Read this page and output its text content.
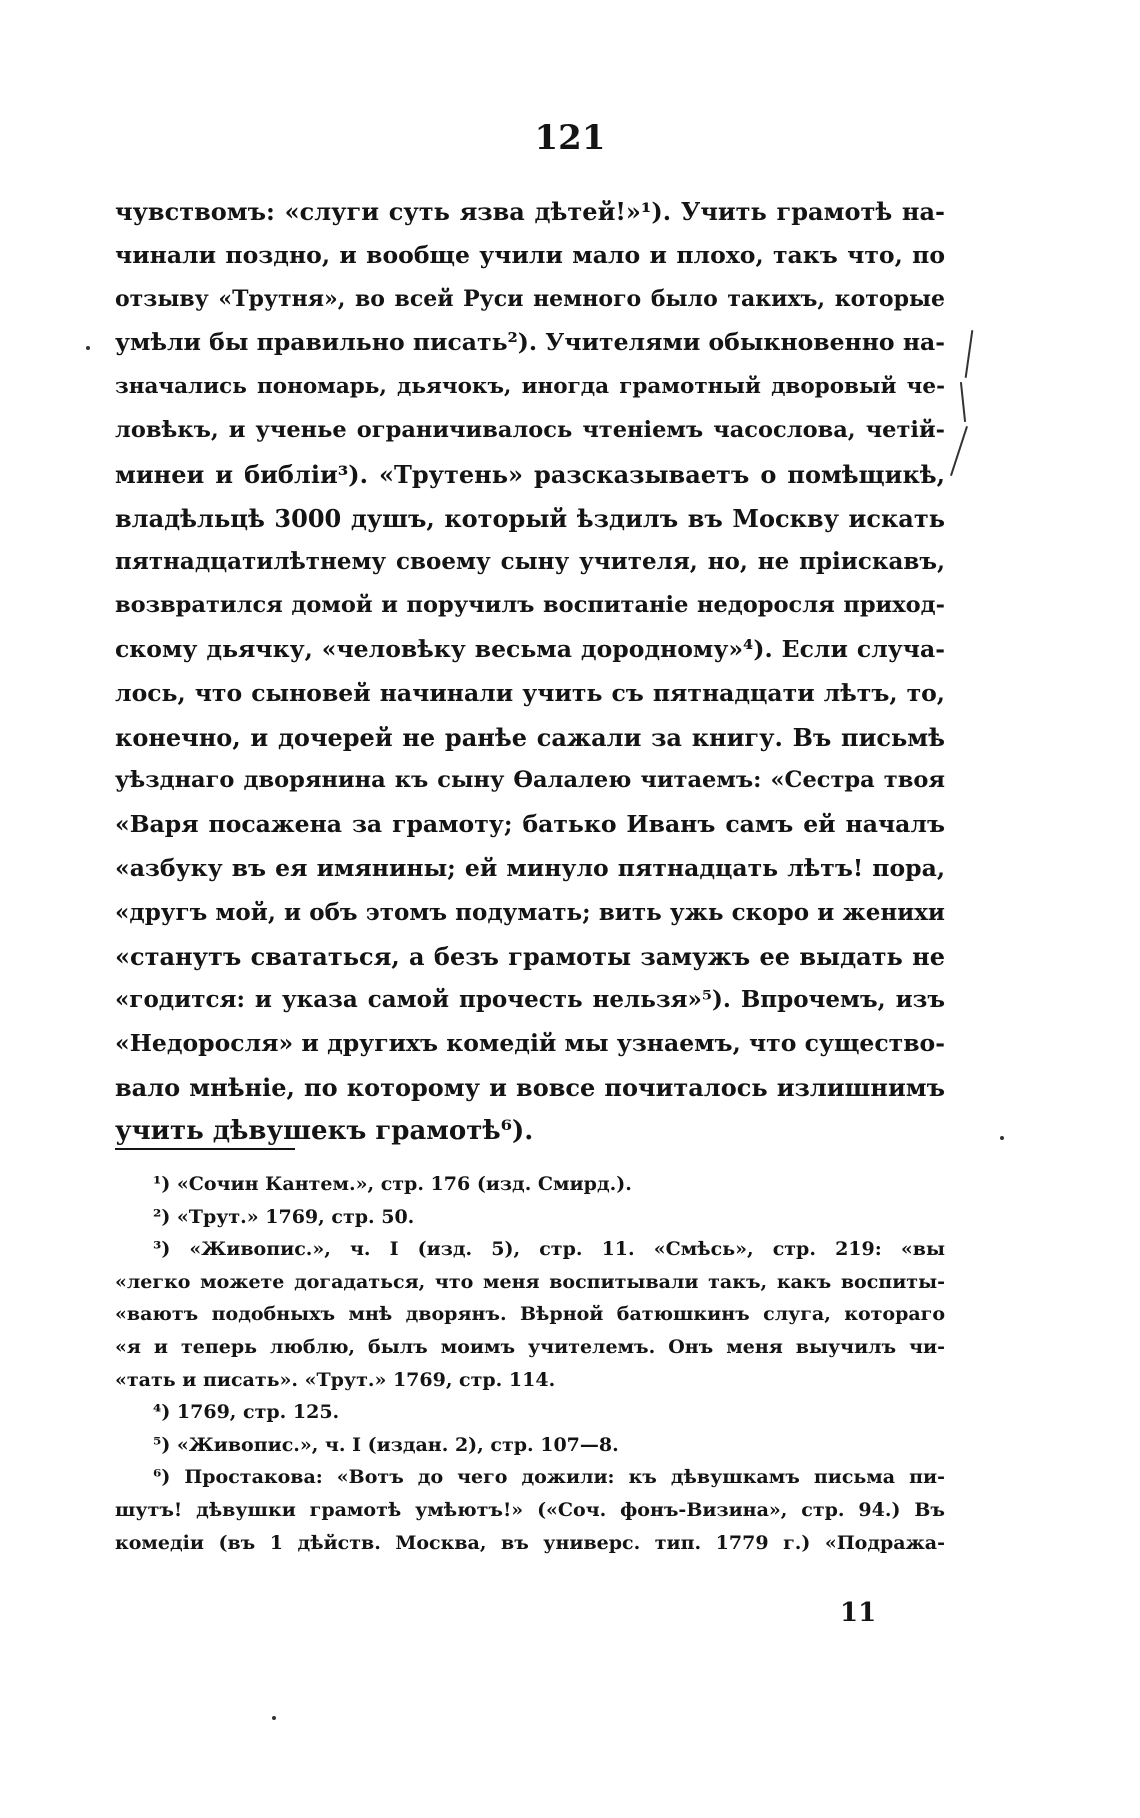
121
чувствомъ: «слуги суть язва дѣтей!»¹). Учить грамотѣ на-
чинали поздно, и вообще учили мало и плохо, такъ что, по
отзыву «Трутня», во всей Руси немного было такихъ, которые
умѣли бы правильно писать²). Учителями обыкновенно на-
значались пономарь, дьячокъ, иногда грамотный дворовый че-
ловѣкъ, и ученье ограничивалось чтеніемъ часослова, четій-
минеи и библіи³). «Трутень» разсказываетъ о помѣщикѣ,
владѣльцѣ 3000 душъ, который ѣздилъ въ Москву искать
пятнадцатилѣтнему своему сыну учителя, но, не пріискавъ,
возвратился домой и поручилъ воспитаніе недоросля приход-
скому дьячку, «человѣку весьма дородному»⁴). Если случа-
лось, что сыновей начинали учить съ пятнадцати лѣтъ, то,
конечно, и дочерей не ранѣе сажали за книгу. Въ письмѣ
уѣзднаго дворянина къ сыну Ѳалалею читаемъ: «Сестра твоя
«Варя посажена за грамоту; батько Иванъ самъ ей началъ
«азбуку въ ея имянины; ей минуло пятнадцать лѣтъ! пора,
«другъ мой, и объ этомъ подумать; вить ужь скоро и женихи
«станутъ свататься, а безъ грамоты замужъ ее выдать не
«годится: и указа самой прочесть нельзя»⁵). Впрочемъ, изъ
«Недоросля» и другихъ комедій мы узнаемъ, что существо-
вало мнѣніе, по которому и вовсе почиталось излишнимъ
учить дѣвушекъ грамотѣ⁶).
¹) «Сочин Кантем.», стр. 176 (изд. Смирд.).
²) «Трут.» 1769, стр. 50.
³) «Живопис.», ч. I (изд. 5), стр. 11. «Смѣсь», стр. 219: «вы
«легко можете догадаться, что меня воспитывали такъ, какъ воспиты-
«ваютъ подобныхъ мнѣ дворянъ. Вѣрной батюшкинъ слуга, котораго
«я и теперь люблю, былъ моимъ учителемъ. Онъ меня выучилъ чи-
«тать и писать». «Трут.» 1769, стр. 114.
⁴) 1769, стр. 125.
⁵) «Живопис.», ч. I (издан. 2), стр. 107—8.
⁶) Простакова: «Вотъ до чего дожили: къ дѣвушкамъ письма пи-
шутъ! дѣвушки грамотѣ умѣютъ!» («Соч. фонъ-Визина», стр. 94.) Въ
комедіи (въ 1 дѣйств. Москва, въ универс. тип. 1779 г.) «Подража-
11
